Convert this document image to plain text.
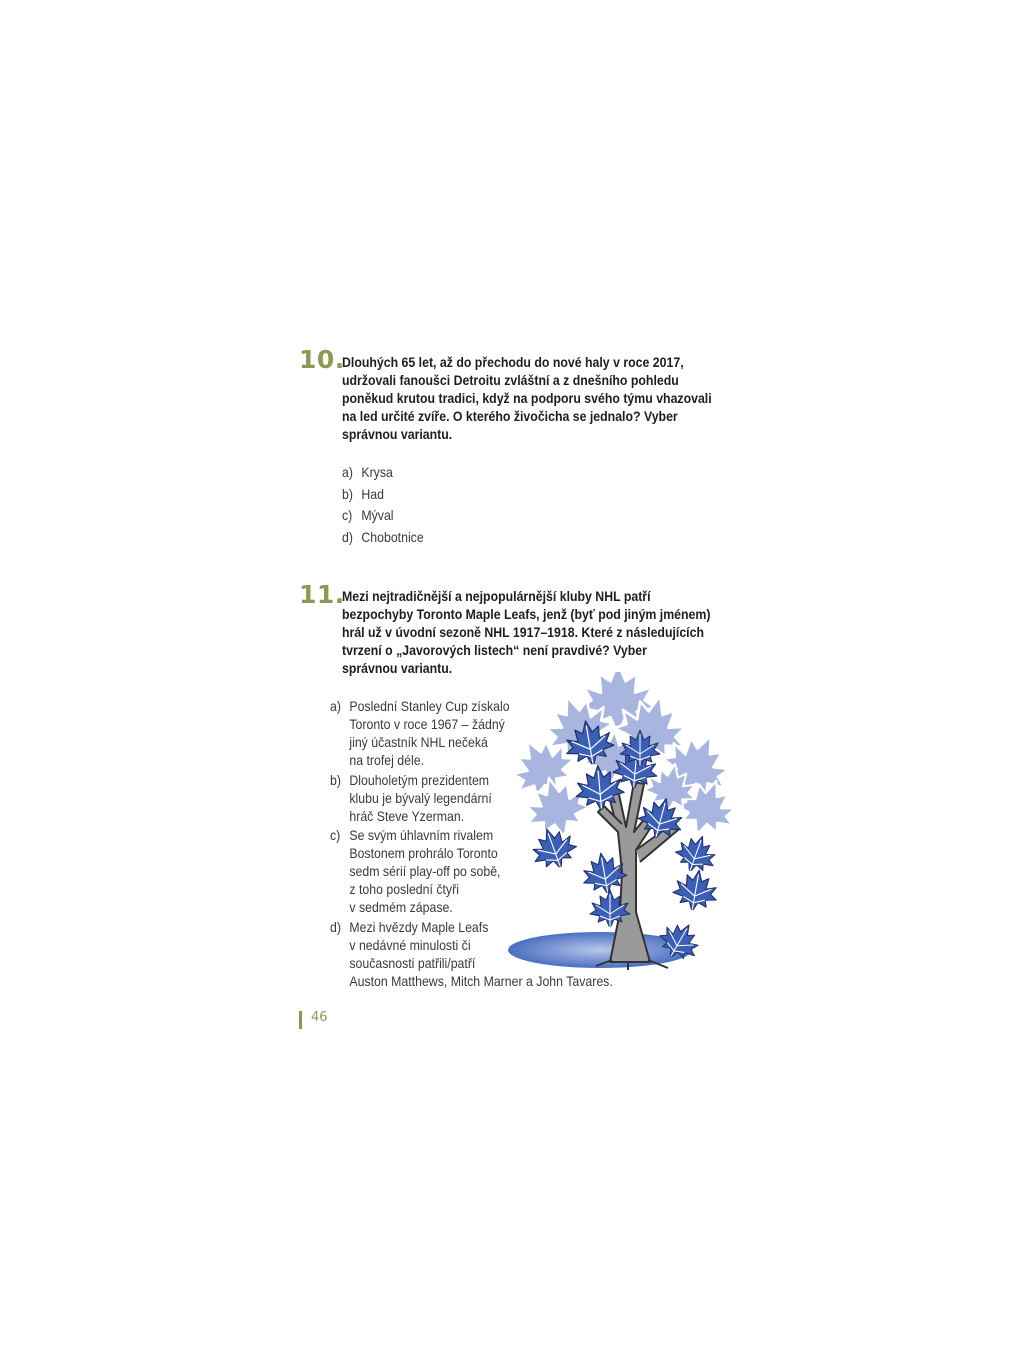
10.
Dlouhých 65 let, až do přechodu do nové haly v roce 2017,
udržovali fanoušci Detroitu zvláštní a z dnešního pohledu
poněkud krutou tradici, když na podporu svého týmu vhazovali
na led určité zvíře. O kterého živočicha se jednalo? Vyber
správnou variantu.
a) Krysa
b) Had
c) Mýval
d) Chobotnice
11.
Mezi nejtradičnější a nejpopulárnější kluby NHL patří
bezpochyby Toronto Maple Leafs, jenž (byť pod jiným jménem)
hrál už v úvodní sezoně NHL 1917–1918. Které z následujících
tvrzení o „Javorových listech“ není pravdivé? Vyber
správnou variantu.
a) Poslední Stanley Cup získalo
Toronto v roce 1967 – žádný
jiný účastník NHL nečeká
na trofej déle.
b) Dlouholetým prezidentem
klubu je bývalý legendární
hráč Steve Yzerman.
c) Se svým úhlavním rivalem
Bostonem prohrálo Toronto
sedm sérií play-off po sobě,
z toho poslední čtyři
v sedmém zápase.
d) Mezi hvězdy Maple Leafs
v nedávné minulosti či
současnosti patřili/patří
Auston Matthews, Mitch Marner a John Tavares.
46
